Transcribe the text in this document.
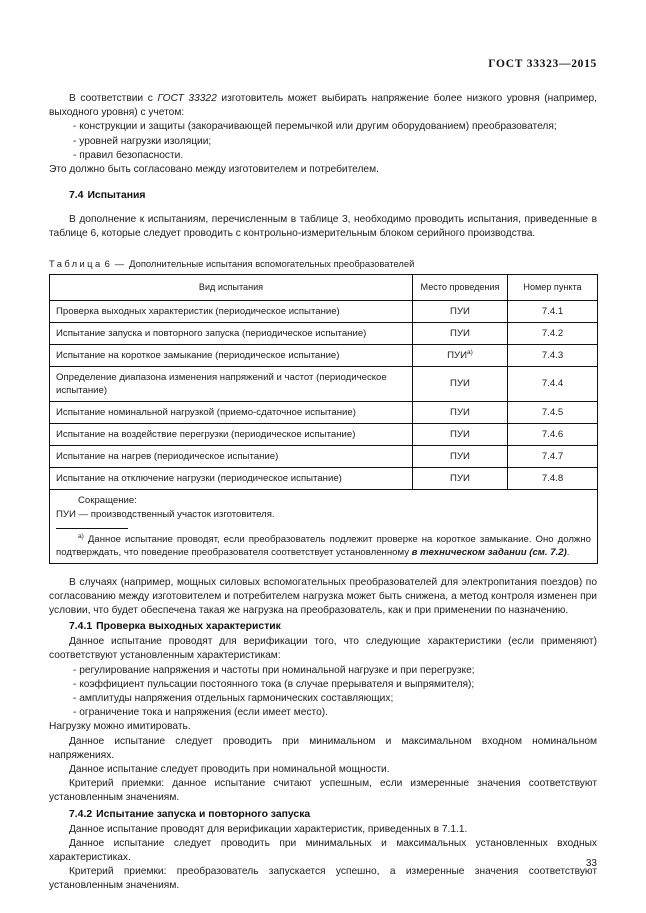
ГОСТ 33323—2015

В соответствии с ГОСТ 33322 изготовитель может выбирать напряжение более низкого уровня (например, выходного уровня) с учетом:

- конструкции и защиты (закорачивающей перемычкой или другим оборудованием) преобразователя;

- уровней нагрузки изоляции;

- правил безопасности.

Это должно быть согласовано между изготовителем и потребителем.

7.4 Испытания

В дополнение к испытаниям, перечисленным в таблице 3, необходимо проводить испытания, приведенные в таблице 6, которые следует проводить с контрольно-измерительным блоком серийного производства.

Таблица 6 — Дополнительные испытания вспомогательных преобразователей
Вид испытания	Место проведения	Номер пункта
Проверка выходных характеристик (периодическое испытание)	ПУИ	7.4.1
Испытание запуска и повторного запуска (периодическое испытание)	ПУИ	7.4.2
Испытание на короткое замыкание (периодическое испытание)	$ПУИ^{а)}$	7.4.3
Определение диапазона изменения напряжений и частот (периодическое испытание)	ПУИ	7.4.4
Испытание номинальной нагрузкой (приемо-сдаточное испытание)	ПУИ	7.4.5
Испытание на воздействие перегрузки (периодическое испытание)	ПУИ	7.4.6
Испытание на нагрев (периодическое испытание)	ПУИ	7.4.7
Испытание на отключение нагрузки (периодическое испытание)	ПУИ	7.4.8

Сокращение:
ПУИ — производственный участок изготовителя.
$^{а)}$ Данное испытание проводят, если преобразователь подлежит проверке на короткое замыкание. Оно должно подтверждать, что поведение преобразователя соответствует установленному в техническом задании (см. 7.2).		

В случаях (например, мощных силовых вспомогательных преобразователей для электропитания поездов) по согласованию между изготовителем и потребителем нагрузка может быть снижена, а метод контроля изменен при условии, что будет обеспечена такая же нагрузка на преобразователь, как и при применении по назначению.

7.4.1 Проверка выходных характеристик

Данное испытание проводят для верификации того, что следующие характеристики (если применяют) соответствуют установленным характеристикам:

- регулирование напряжения и частоты при номинальной нагрузке и при перегрузке;

- коэффициент пульсации постоянного тока (в случае прерывателя и выпрямителя);

- амплитуды напряжения отдельных гармонических составляющих;

- ограничение тока и напряжения (если имеет место).

Нагрузку можно имитировать.

Данное испытание следует проводить при минимальном и максимальном входном номинальном напряжениях.

Данное испытание следует проводить при номинальной мощности.

Критерий приемки: данное испытание считают успешным, если измеренные значения соответствуют установленным значениям.

7.4.2 Испытание запуска и повторного запуска

Данное испытание проводят для верификации характеристик, приведенных в 7.1.1.

Данное испытание следует проводить при минимальных и максимальных установленных входных характеристиках.

Критерий приемки: преобразователь запускается успешно, а измеренные значения соответствуют установленным значениям.

33
